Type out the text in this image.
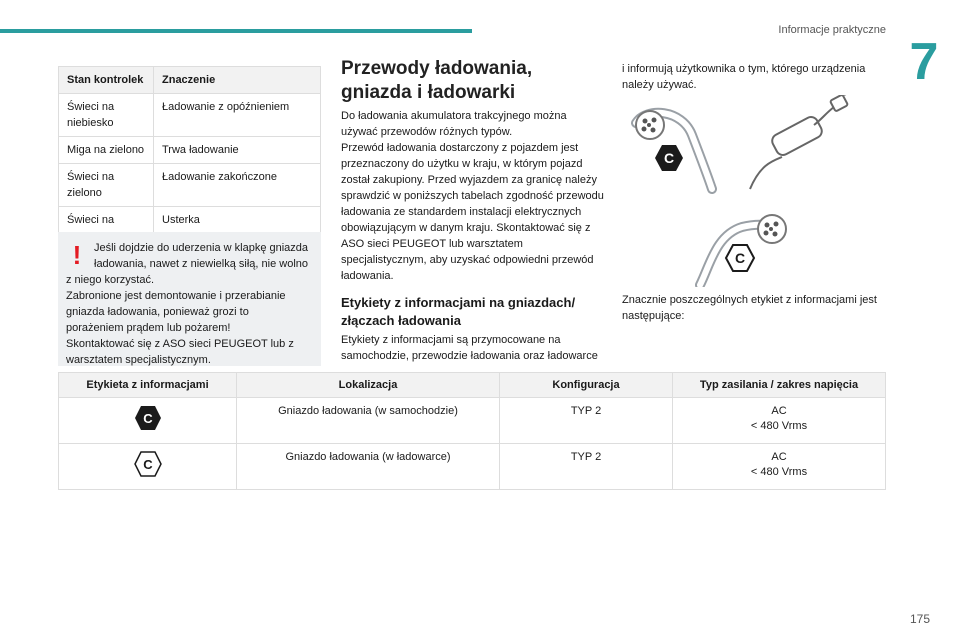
Informacje praktyczne
7
Stan kontrolek	Znaczenie
Świeci na niebiesko	Ładowanie z opóźnieniem
Miga na zielono	Trwa ładowanie
Świeci na zielono	Ładowanie zakończone
Świeci na	Usterka
!	Jeśli dojdzie do uderzenia w klapkę gniazda
ładowania, nawet z niewielką siłą, nie wolno
z niego korzystać.
Zabronione jest demontowanie i przerabianie
gniazda ładowania, ponieważ grozi to
porażeniem prądem lub pożarem!
Skontaktować się z ASO sieci PEUGEOT lub z
warsztatem specjalistycznym.
Przewody ładowania, gniazda i ładowarki

Do ładowania akumulatora trakcyjnego można używać przewodów różnych typów.

Przewód ładowania dostarczony z pojazdem jest przeznaczony do użytku w kraju, w którym pojazd został zakupiony. Przed wyjazdem za granicę należy sprawdzić w poniższych tabelach zgodność przewodu ładowania ze standardem instalacji elektrycznych obowiązującym w danym kraju. Skontaktować się z ASO sieci PEUGEOT lub warsztatem specjalistycznym, aby uzyskać odpowiedni przewód ładowania.

Etykiety z informacjami na gniazdach/ złączach ładowania
Etykiety z informacjami są przymocowane na samochodzie, przewodzie ładowania oraz ładowarce
i informują użytkownika o tym, którego urządzenia należy używać.
C
C
Znacznie poszczególnych etykiet z informacjami jest następujące:
Etykieta z informacjami	Lokalizacja	Konfiguracja	Typ zasilania / zakres napięcia

C	Gniazdo ładowania (w samochodzie)	TYP 2	AC
< 480 Vrms

C	Gniazdo ładowania (w ładowarce)	TYP 2	AC
< 480 Vrms
175
